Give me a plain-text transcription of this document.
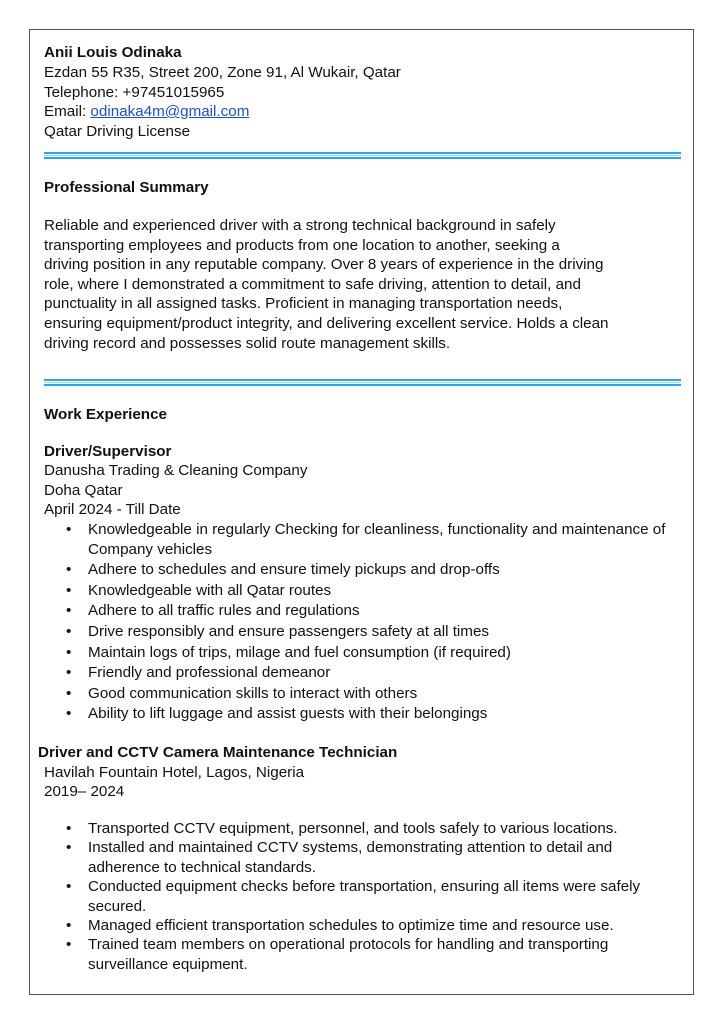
Anii Louis Odinaka
Ezdan 55 R35, Street 200, Zone 91, Al Wukair, Qatar
Telephone: +97451015965
Email: odinaka4m@gmail.com
Qatar Driving License
Professional Summary
Reliable and experienced driver with a strong technical background in safely
transporting employees and products from one location to another, seeking a
driving position in any reputable company. Over 8 years of experience in the driving
role, where I demonstrated a commitment to safe driving, attention to detail, and
punctuality in all assigned tasks. Proficient in managing transportation needs,
ensuring equipment/product integrity, and delivering excellent service. Holds a clean
driving record and possesses solid route management skills.
Work Experience
Driver/Supervisor
Danusha Trading & Cleaning Company
Doha Qatar
April 2024 - Till Date
• Knowledgeable in regularly Checking for cleanliness, functionality and maintenance of Company vehicles
• Adhere to schedules and ensure timely pickups and drop-offs
• Knowledgeable with all Qatar routes
• Adhere to all traffic rules and regulations
• Drive responsibly and ensure passengers safety at all times
• Maintain logs of trips, milage and fuel consumption (if required)
• Friendly and professional demeanor
• Good communication skills to interact with others
• Ability to lift luggage and assist guests with their belongings
Driver and CCTV Camera Maintenance Technician
Havilah Fountain Hotel, Lagos, Nigeria
2019– 2024
• Transported CCTV equipment, personnel, and tools safely to various locations.
• Installed and maintained CCTV systems, demonstrating attention to detail and adherence to technical standards.
• Conducted equipment checks before transportation, ensuring all items were safely secured.
• Managed efficient transportation schedules to optimize time and resource use.
• Trained team members on operational protocols for handling and transporting surveillance equipment.
